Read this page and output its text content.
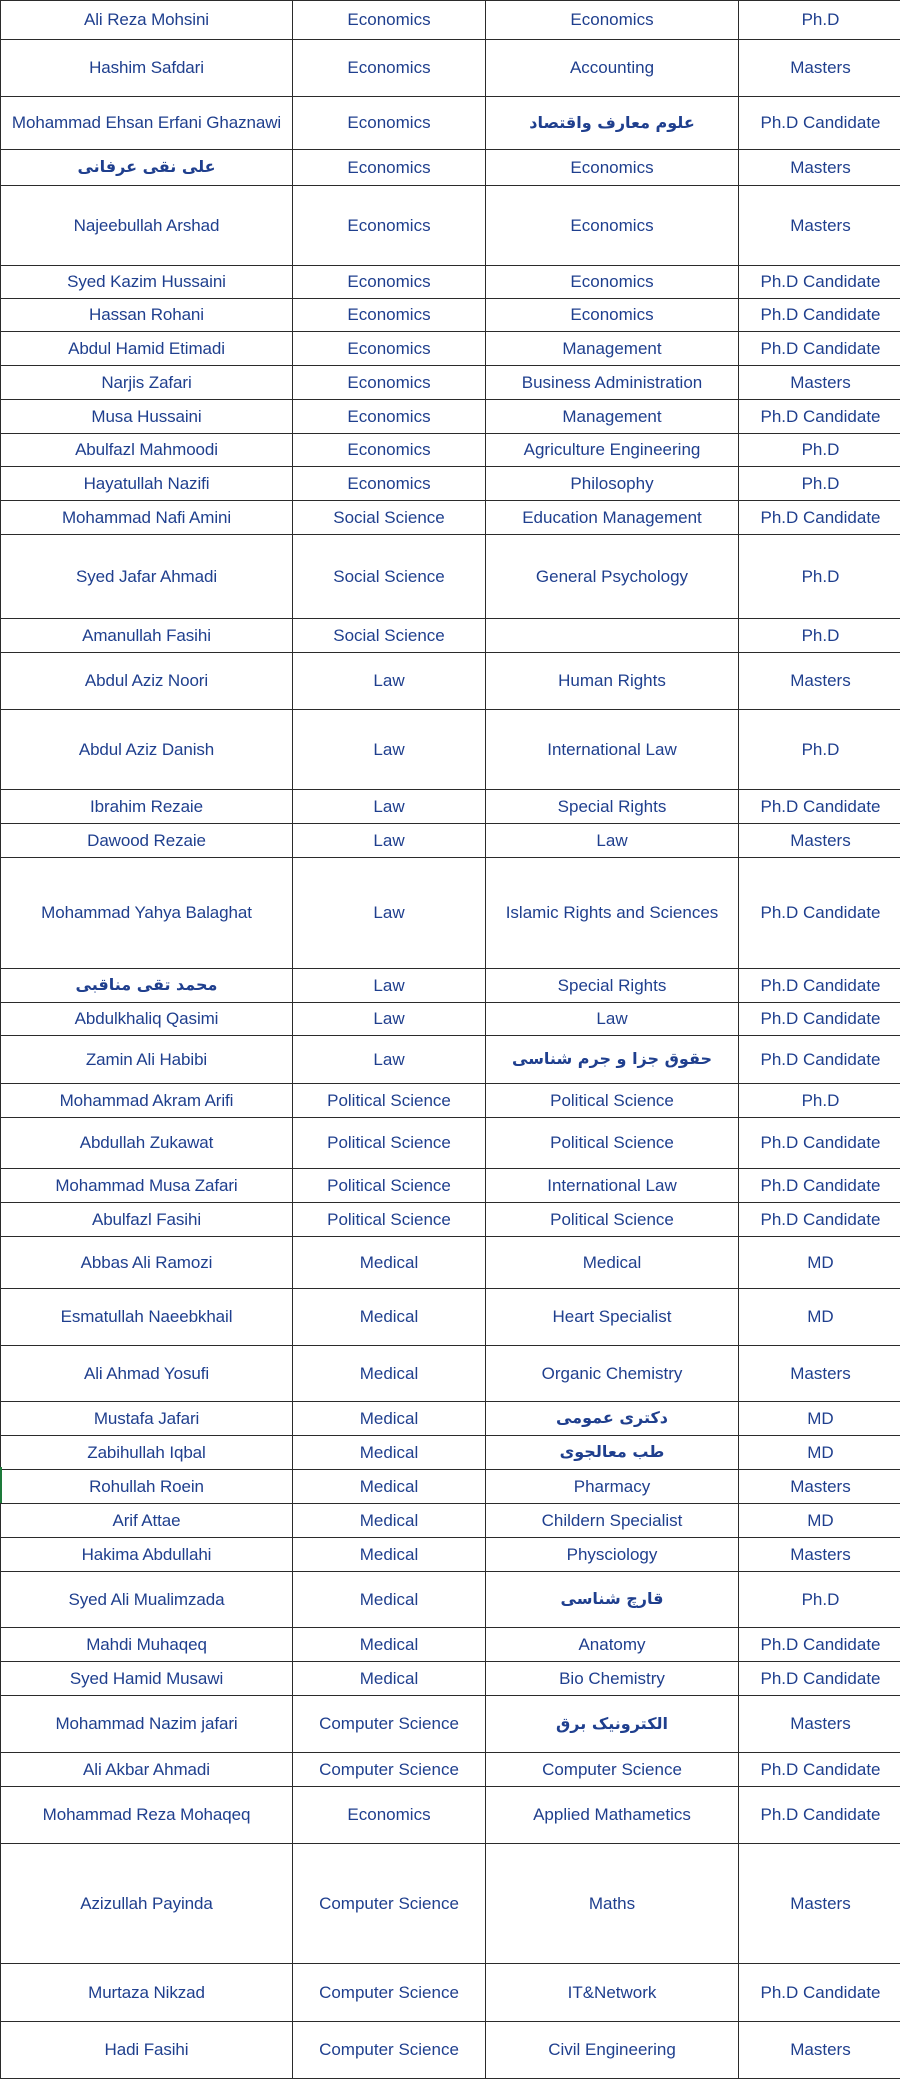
Ali Reza Mohsini	Economics	Economics	Ph.D
Hashim Safdari	Economics	Accounting	Masters
Mohammad Ehsan Erfani Ghaznawi	Economics	علوم معارف واقتصاد	Ph.D Candidate
علی نقی عرفانی	Economics	Economics	Masters
Najeebullah Arshad	Economics	Economics	Masters
Syed Kazim Hussaini	Economics	Economics	Ph.D Candidate
Hassan Rohani	Economics	Economics	Ph.D Candidate
Abdul Hamid Etimadi	Economics	Management	Ph.D Candidate
Narjis Zafari	Economics	Business Administration	Masters
Musa Hussaini	Economics	Management	Ph.D Candidate
Abulfazl Mahmoodi	Economics	Agriculture Engineering	Ph.D
Hayatullah Nazifi	Economics	Philosophy	Ph.D
Mohammad Nafi Amini	Social Science	Education Management	Ph.D Candidate
Syed Jafar Ahmadi	Social Science	General Psychology	Ph.D
Amanullah Fasihi	Social Science		Ph.D
Abdul Aziz Noori	Law	Human Rights	Masters
Abdul Aziz Danish	Law	International Law	Ph.D
Ibrahim Rezaie	Law	Special Rights	Ph.D Candidate
Dawood Rezaie	Law	Law	Masters
Mohammad Yahya Balaghat	Law	Islamic Rights and Sciences	Ph.D Candidate
محمد تقی مناقبی	Law	Special Rights	Ph.D Candidate
Abdulkhaliq Qasimi	Law	Law	Ph.D Candidate
Zamin Ali Habibi	Law	حقوق جزا و جرم شناسی	Ph.D Candidate
Mohammad Akram Arifi	Political Science	Political Science	Ph.D
Abdullah Zukawat	Political Science	Political Science	Ph.D Candidate
Mohammad Musa Zafari	Political Science	International Law	Ph.D Candidate
Abulfazl Fasihi	Political Science	Political Science	Ph.D Candidate
Abbas Ali Ramozi	Medical	Medical	MD
Esmatullah Naeebkhail	Medical	Heart Specialist	MD
Ali Ahmad Yosufi	Medical	Organic Chemistry	Masters
Mustafa Jafari	Medical	دکتری عمومی	MD
Zabihullah Iqbal	Medical	طب معالجوی	MD
Rohullah Roein	Medical	Pharmacy	Masters
Arif Attae	Medical	Childern Specialist	MD
Hakima Abdullahi	Medical	Physciology	Masters
Syed Ali Mualimzada	Medical	قارچ شناسی	Ph.D
Mahdi Muhaqeq	Medical	Anatomy	Ph.D Candidate
Syed Hamid Musawi	Medical	Bio Chemistry	Ph.D Candidate
Mohammad Nazim jafari	Computer Science	الکترونیک برق	Masters
Ali Akbar Ahmadi	Computer Science	Computer Science	Ph.D Candidate
Mohammad Reza Mohaqeq	Economics	Applied Mathametics	Ph.D Candidate
Azizullah Payinda	Computer Science	Maths	Masters
Murtaza Nikzad	Computer Science	IT&Network	Ph.D Candidate
Hadi Fasihi	Computer Science	Civil Engineering	Masters
